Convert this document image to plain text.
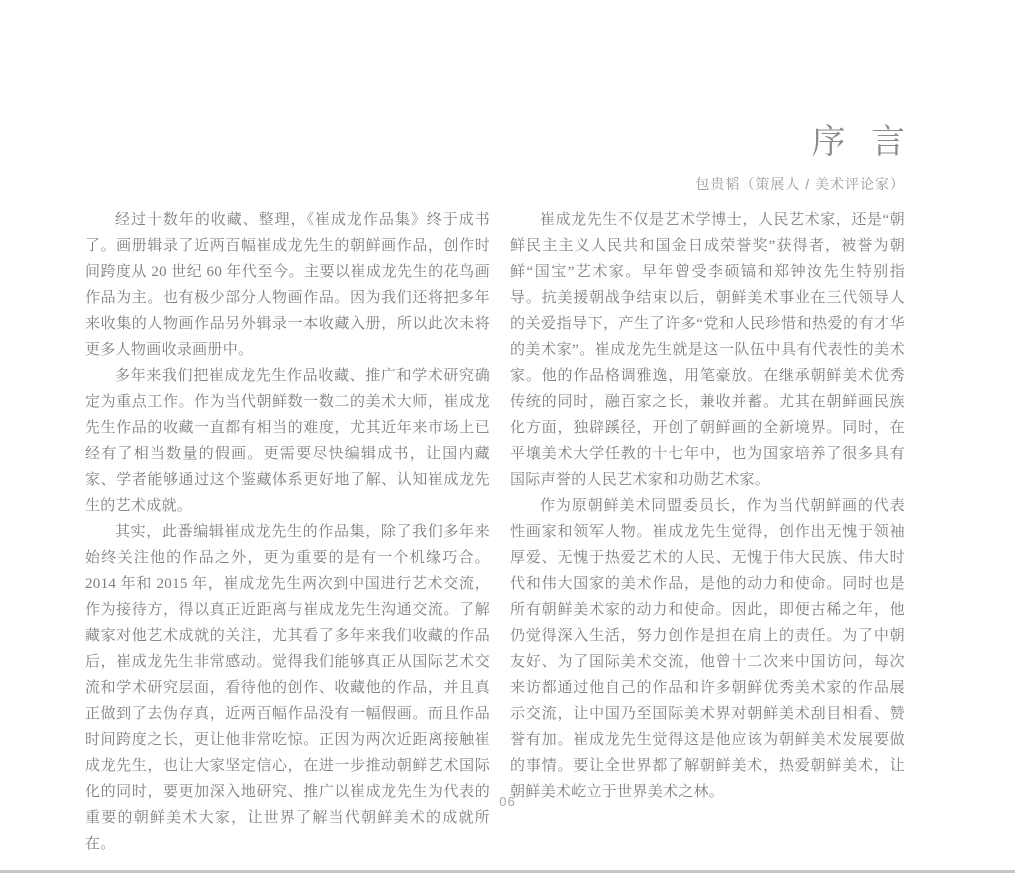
序 言

包贵韬（策展人 / 美术评论家）

经过十数年的收藏、整理，《崔成龙作品集》终于成书了。画册辑录了近两百幅崔成龙先生的朝鲜画作品，创作时间跨度从 20 世纪 60 年代至今。主要以崔成龙先生的花鸟画作品为主。也有极少部分人物画作品。因为我们还将把多年来收集的人物画作品另外辑录一本收藏入册，所以此次未将更多人物画收录画册中。

多年来我们把崔成龙先生作品收藏、推广和学术研究确定为重点工作。作为当代朝鲜数一数二的美术大师，崔成龙先生作品的收藏一直都有相当的难度，尤其近年来市场上已经有了相当数量的假画。更需要尽快编辑成书，让国内藏家、学者能够通过这个鉴藏体系更好地了解、认知崔成龙先生的艺术成就。

其实，此番编辑崔成龙先生的作品集，除了我们多年来始终关注他的作品之外，更为重要的是有一个机缘巧合。2014 年和 2015 年，崔成龙先生两次到中国进行艺术交流，作为接待方，得以真正近距离与崔成龙先生沟通交流。了解藏家对他艺术成就的关注，尤其看了多年来我们收藏的作品后，崔成龙先生非常感动。觉得我们能够真正从国际艺术交流和学术研究层面，看待他的创作、收藏他的作品，并且真正做到了去伪存真，近两百幅作品没有一幅假画。而且作品时间跨度之长，更让他非常吃惊。正因为两次近距离接触崔成龙先生，也让大家坚定信心，在进一步推动朝鲜艺术国际化的同时，要更加深入地研究、推广以崔成龙先生为代表的重要的朝鲜美术大家，让世界了解当代朝鲜美术的成就所在。

崔成龙先生不仅是艺术学博士，人民艺术家，还是“朝鲜民主主义人民共和国金日成荣誉奖”获得者，被誉为朝鲜“国宝”艺术家。早年曾受李硕镐和郑钟汝先生特别指导。抗美援朝战争结束以后，朝鲜美术事业在三代领导人的关爱指导下，产生了许多“党和人民珍惜和热爱的有才华的美术家”。崔成龙先生就是这一队伍中具有代表性的美术家。他的作品格调雅逸，用笔豪放。在继承朝鲜美术优秀传统的同时，融百家之长，兼收并蓄。尤其在朝鲜画民族化方面，独辟蹊径，开创了朝鲜画的全新境界。同时，在平壤美术大学任教的十七年中，也为国家培养了很多具有国际声誉的人民艺术家和功勋艺术家。

作为原朝鲜美术同盟委员长，作为当代朝鲜画的代表性画家和领军人物。崔成龙先生觉得，创作出无愧于领袖厚爱、无愧于热爱艺术的人民、无愧于伟大民族、伟大时代和伟大国家的美术作品，是他的动力和使命。同时也是所有朝鲜美术家的动力和使命。因此，即便古稀之年，他仍觉得深入生活，努力创作是担在肩上的责任。为了中朝友好、为了国际美术交流，他曾十二次来中国访问，每次来访都通过他自己的作品和许多朝鲜优秀美术家的作品展示交流，让中国乃至国际美术界对朝鲜美术刮目相看、赞誉有加。崔成龙先生觉得这是他应该为朝鲜美术发展要做的事情。要让全世界都了解朝鲜美术，热爱朝鲜美术，让朝鲜美术屹立于世界美术之林。

06
